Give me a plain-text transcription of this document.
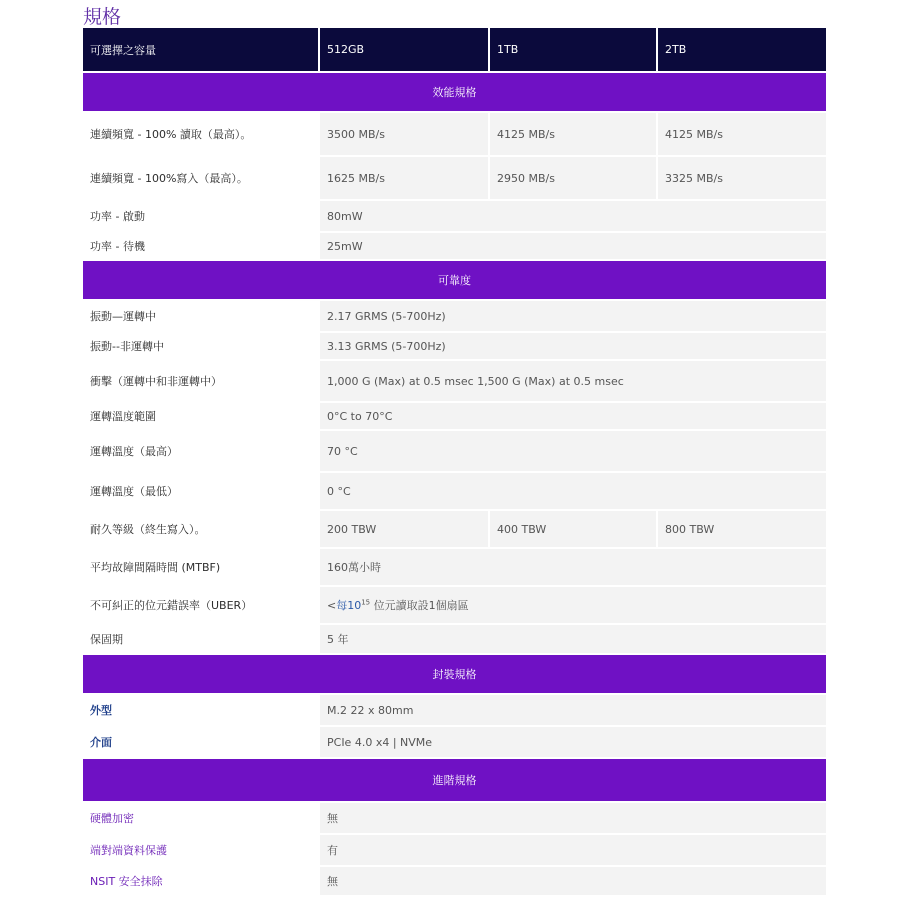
規格
可選擇之容量	512GB	1TB	2TB
效能規格			
連續頻寬 - 100% 讀取（最高）。	3500 MB/s	4125 MB/s	4125 MB/s
連續頻寬 - 100%寫入（最高）。	1625 MB/s	2950 MB/s	3325 MB/s
功率 - 啟動	80mW		
功率 - 待機	25mW		
可靠度			
振動—運轉中	2.17 GRMS (5-700Hz)		
振動--非運轉中	3.13 GRMS (5-700Hz)		
衝擊（運轉中和非運轉中）	1,000 G (Max) at 0.5 msec 1,500 G (Max) at 0.5 msec		
運轉溫度範圍	0°C to 70°C		
運轉溫度（最高）	70 °C		
運轉溫度（最低）	0 °C		
耐久等級（終生寫入）。	200 TBW	400 TBW	800 TBW
平均故障間隔時間 (MTBF)	160萬小時		
不可糾正的位元錯誤率（UBER）	<每$10^{15}$ 位元讀取設1個扇區		
保固期	5 年		
封裝規格			
外型	M.2 22 x 80mm		
介面	PCIe 4.0 x4 | NVMe		
進階規格			
硬體加密	無		
端對端資料保護	有		
NSIT 安全抹除	無		
